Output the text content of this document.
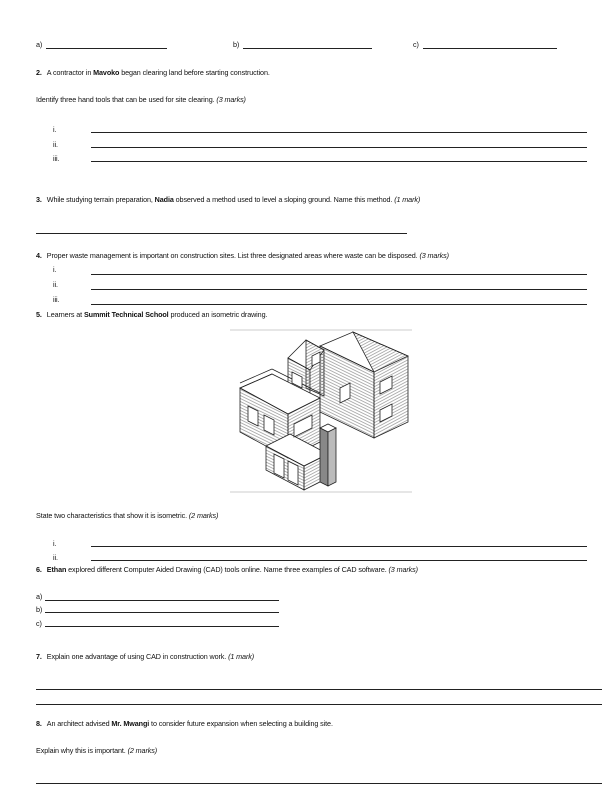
a)	b)	c)
2. A contractor in Mavoko began clearing land before starting construction.
Identify three hand tools that can be used for site clearing. (3 marks)
i.
ii.
iii.
3. While studying terrain preparation, Nadia observed a method used to level a sloping ground. Name this method. (1 mark)
4. Proper waste management is important on construction sites. List three designated areas where waste can be disposed. (3 marks)
i.
ii.
iii.
5. Learners at Summit Technical School produced an isometric drawing.
State two characteristics that show it is isometric. (2 marks)
i.
ii.
6. Ethan explored different Computer Aided Drawing (CAD) tools online. Name three examples of CAD software. (3 marks)
a)
b)
c)
7. Explain one advantage of using CAD in construction work. (1 mark)
8. An architect advised Mr. Mwangi to consider future expansion when selecting a building site.
Explain why this is important. (2 marks)
